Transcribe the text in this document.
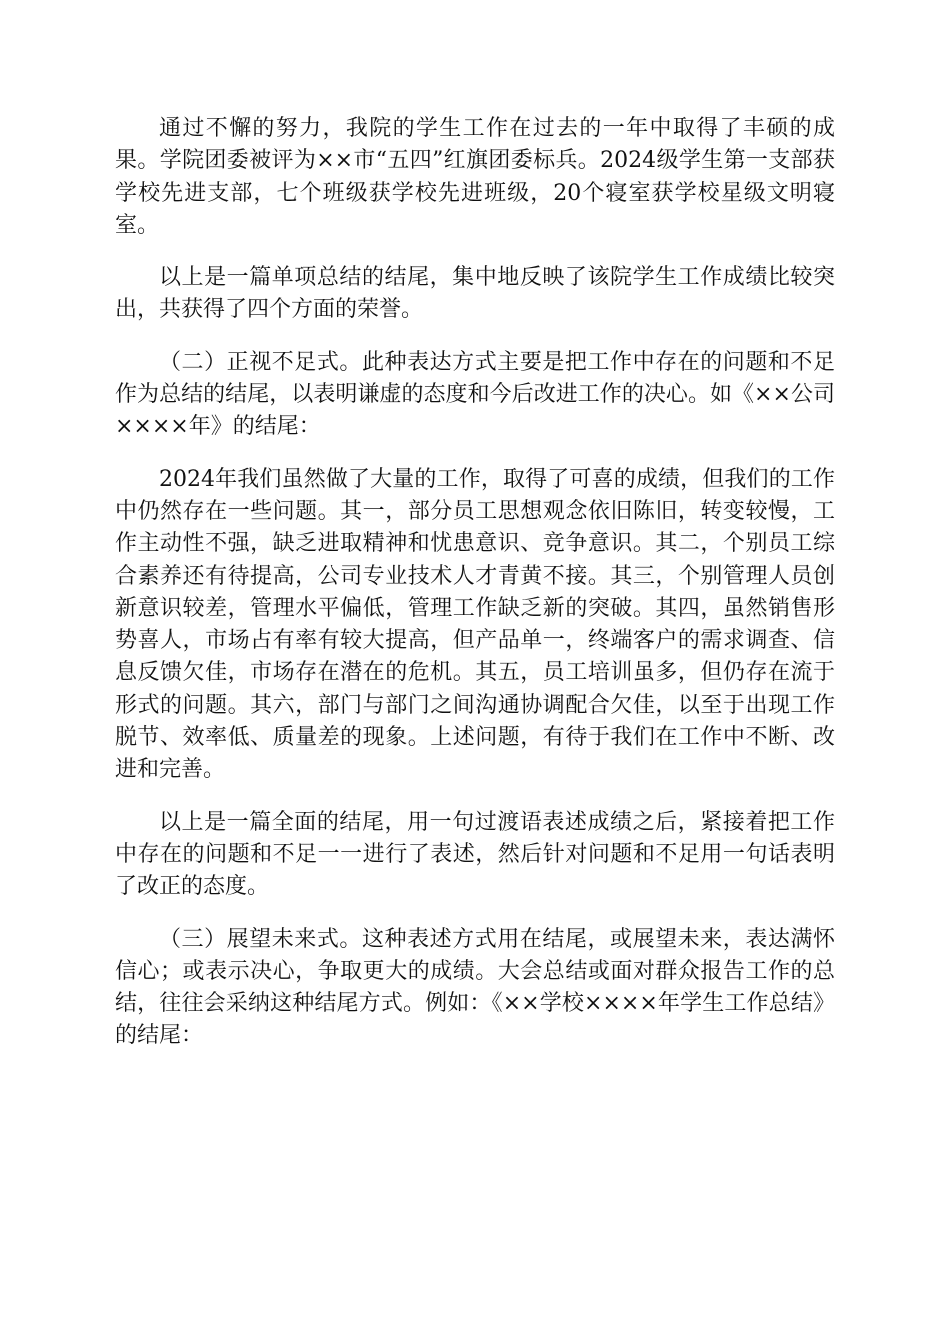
通过不懈的努力，我院的学生工作在过去的一年中取得了丰硕的成果。学院团委被评为××市“五四”红旗团委标兵。2024级学生第一支部获学校先进支部，七个班级获学校先进班级，20个寝室获学校星级文明寝室。

以上是一篇单项总结的结尾，集中地反映了该院学生工作成绩比较突出，共获得了四个方面的荣誉。

（二）正视不足式。此种表达方式主要是把工作中存在的问题和不足作为总结的结尾，以表明谦虚的态度和今后改进工作的决心。如《××公司××××年》的结尾：

2024年我们虽然做了大量的工作，取得了可喜的成绩，但我们的工作中仍然存在一些问题。其一，部分员工思想观念依旧陈旧，转变较慢，工作主动性不强，缺乏进取精神和忧患意识、竞争意识。其二，个别员工综合素养还有待提高，公司专业技术人才青黄不接。其三，个别管理人员创新意识较差，管理水平偏低，管理工作缺乏新的突破。其四，虽然销售形势喜人，市场占有率有较大提高，但产品单一，终端客户的需求调查、信息反馈欠佳，市场存在潜在的危机。其五，员工培训虽多，但仍存在流于形式的问题。其六，部门与部门之间沟通协调配合欠佳，以至于出现工作脱节、效率低、质量差的现象。上述问题，有待于我们在工作中不断、改进和完善。

以上是一篇全面的结尾，用一句过渡语表述成绩之后，紧接着把工作中存在的问题和不足一一进行了表述，然后针对问题和不足用一句话表明了改正的态度。

（三）展望未来式。这种表述方式用在结尾，或展望未来，表达满怀信心；或表示决心，争取更大的成绩。大会总结或面对群众报告工作的总结，往往会采纳这种结尾方式。例如：《××学校××××年学生工作总结》的结尾：
